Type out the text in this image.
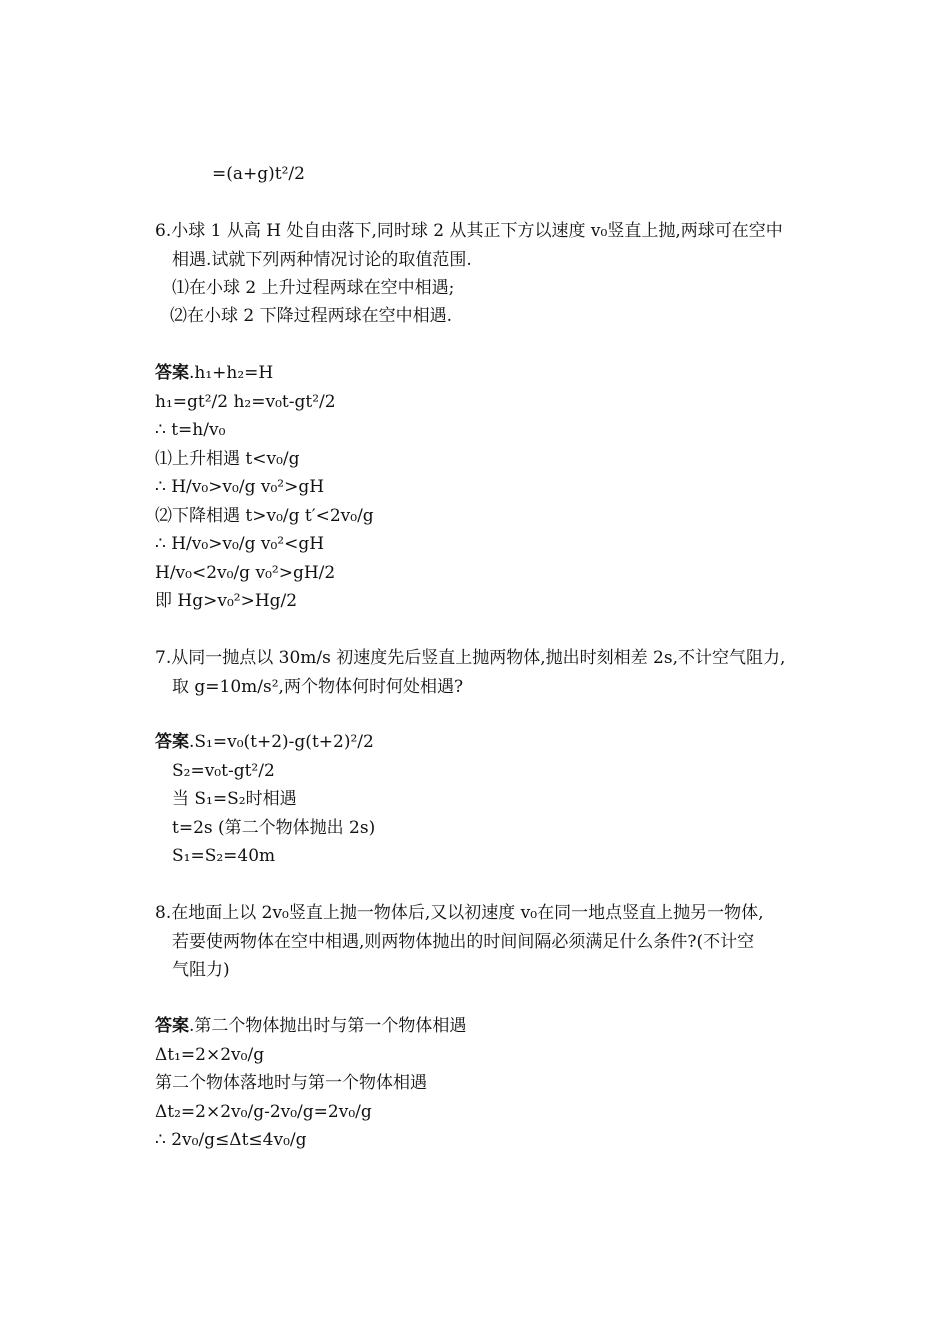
=(a+g)t²/2
6.小球 1 从高 H 处自由落下,同时球 2 从其正下方以速度 v₀竖直上抛,两球可在空中
相遇.试就下列两种情况讨论的取值范围.
⑴在小球 2 上升过程两球在空中相遇;
⑵在小球 2 下降过程两球在空中相遇.
答案.h₁+h₂=H
h₁=gt²/2 h₂=v₀t-gt²/2
∴ t=h/v₀
⑴上升相遇 t<v₀/g
∴ H/v₀>v₀/g v₀²>gH
⑵下降相遇 t>v₀/g t′<2v₀/g
∴ H/v₀>v₀/g v₀²<gH
H/v₀<2v₀/g v₀²>gH/2
即 Hg>v₀²>Hg/2
7.从同一抛点以 30m/s 初速度先后竖直上抛两物体,抛出时刻相差 2s,不计空气阻力,
取 g=10m/s²,两个物体何时何处相遇?
答案.S₁=v₀(t+2)-g(t+2)²/2
S₂=v₀t-gt²/2
当 S₁=S₂时相遇
t=2s (第二个物体抛出 2s)
S₁=S₂=40m
8.在地面上以 2v₀竖直上抛一物体后,又以初速度 v₀在同一地点竖直上抛另一物体,
若要使两物体在空中相遇,则两物体抛出的时间间隔必须满足什么条件?(不计空
气阻力)
答案.第二个物体抛出时与第一个物体相遇
Δt₁=2×2v₀/g
第二个物体落地时与第一个物体相遇
Δt₂=2×2v₀/g-2v₀/g=2v₀/g
∴ 2v₀/g≤Δt≤4v₀/g
